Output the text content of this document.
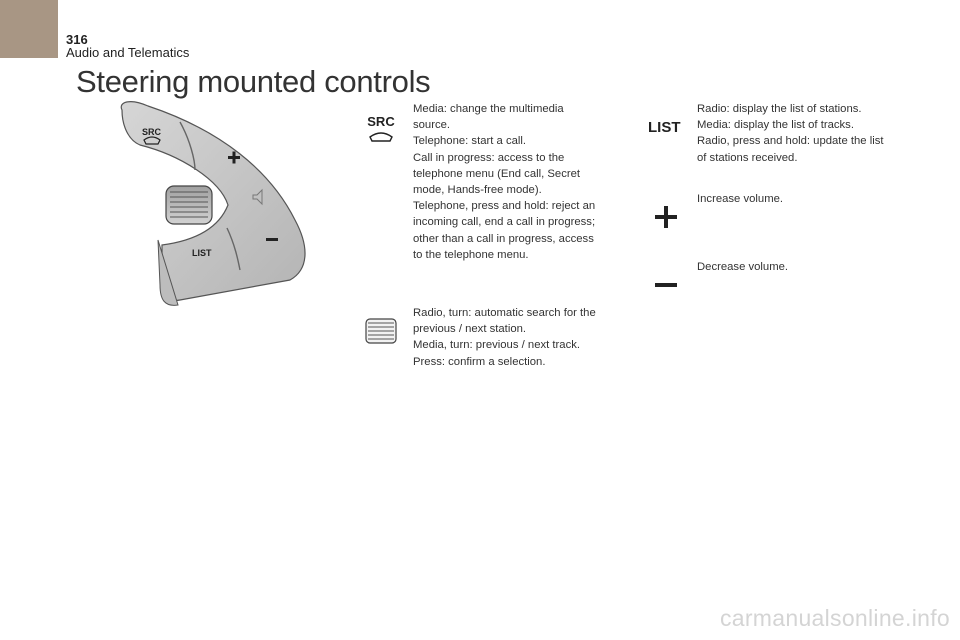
316
Audio and Telematics
Steering mounted controls
SRC
LIST
SRC
Media: change the multimedia
source.
Telephone: start a call.
Call in progress: access to the
telephone menu (End call, Secret
mode, Hands-free mode).
Telephone, press and hold: reject an
incoming call, end a call in progress;
other than a call in progress, access
to the telephone menu.
Radio, turn: automatic search for the
previous / next station.
Media, turn: previous / next track.
Press: confirm a selection.
LIST
Radio: display the list of stations.
Media: display the list of tracks.
Radio, press and hold: update the list
of stations received.
Increase volume.
Decrease volume.
carmanualsonline.info
